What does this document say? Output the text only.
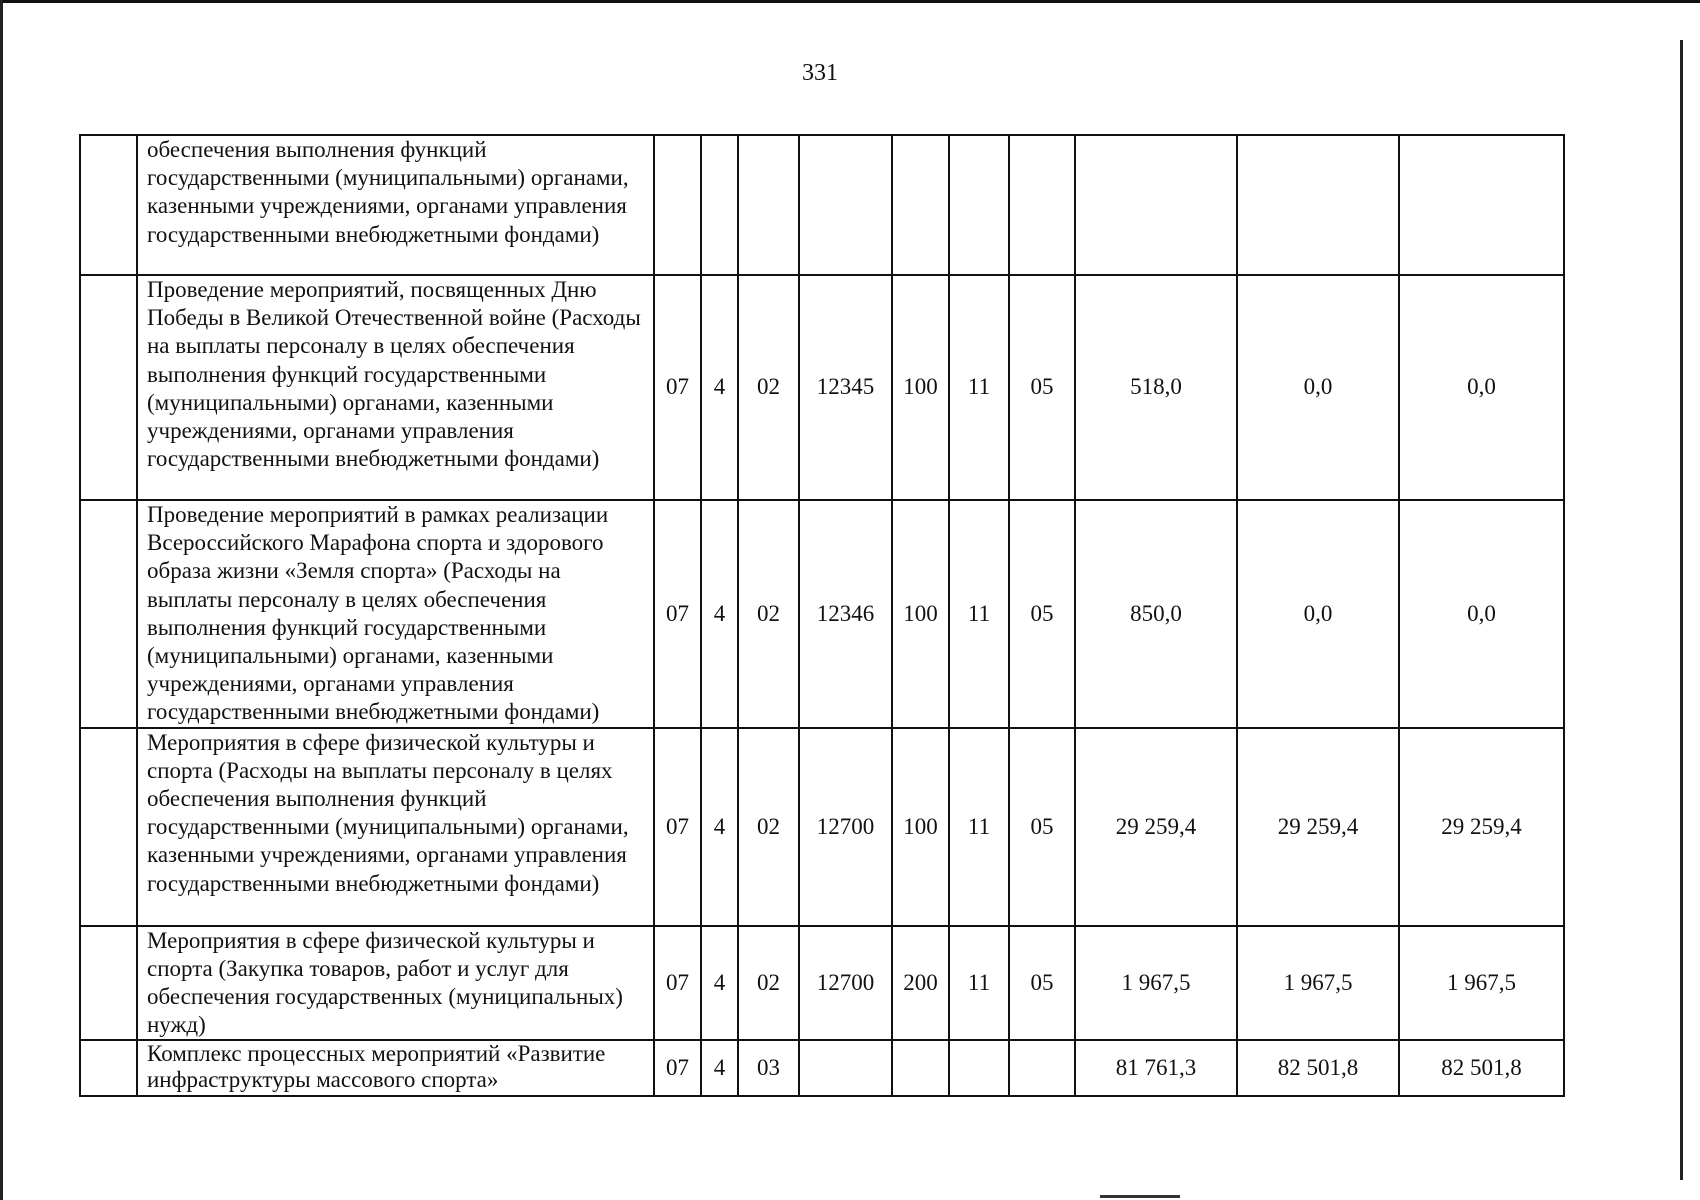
331
	обеспечения выполнения функций государственными (муниципальными) органами, казенными учреждениями, органами управления государственными внебюджетными фондами)										
	Проведение мероприятий, посвященных Дню Победы в Великой Отечественной войне (Расходы на выплаты персоналу в целях обеспечения выполнения функций государственными (муниципальными) органами, казенными учреждениями, органами управления государственными внебюджетными фондами)	07	4	02	12345	100	11	05	518,0	0,0	0,0
	Проведение мероприятий в рамках реализации Всероссийского Марафона спорта и здорового образа жизни «Земля спорта» (Расходы на выплаты персоналу в целях обеспечения выполнения функций государственными (муниципальными) органами, казенными учреждениями, органами управления государственными внебюджетными фондами)	07	4	02	12346	100	11	05	850,0	0,0	0,0
	Мероприятия в сфере физической культуры и спорта (Расходы на выплаты персоналу в целях обеспечения выполнения функций государственными (муниципальными) органами, казенными учреждениями, органами управления государственными внебюджетными фондами)	07	4	02	12700	100	11	05	29 259,4	29 259,4	29 259,4
	Мероприятия в сфере физической культуры и спорта (Закупка товаров, работ и услуг для обеспечения государственных (муниципальных) нужд)	07	4	02	12700	200	11	05	1 967,5	1 967,5	1 967,5
	Комплекс процессных мероприятий «Развитие инфраструктуры массового спорта»	07	4	03					81 761,3	82 501,8	82 501,8
